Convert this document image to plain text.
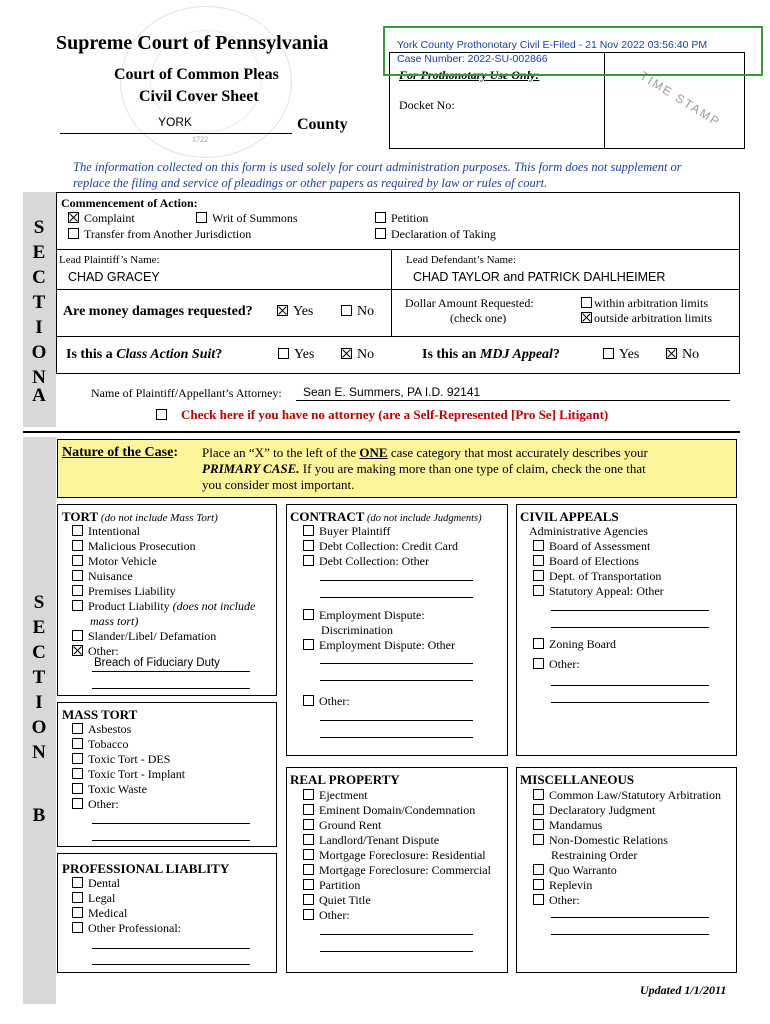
1722
Supreme Court of Pennsylvania
Court of Common Pleas
Civil Cover Sheet
YORK	County	TIME STAMP
For Prothonotary Use Only:
Docket No:
York County Prothonotary Civil E-Filed - 21 Nov 2022 03:56:40 PM
Case Number: 2022-SU-002866
The information collected on this form is used solely for court administration purposes. This form does not supplement or replace the filing and service of pleadings or other papers as required by law or rules of court.
S
E
C
T
I
O
N
A
Commencement of Action:
Complaint	Writ of Summons	Petition
Transfer from Another Jurisdiction	Declaration of Taking
Lead Plaintiff’s Name:
CHAD GRACEY
Lead Defendant’s Name:
CHAD TAYLOR and PATRICK DAHLHEIMER
Are money damages requested?	Yes	No
Dollar Amount Requested:
(check one)
within arbitration limits
outside arbitration limits
Is this a Class Action Suit?	Yes	No	Is this an MDJ Appeal?	Yes	No
Name of Plaintiff/Appellant’s Attorney: Sean E. Summers, PA I.D. 92141
Check here if you have no attorney (are a Self-Represented [Pro Se] Litigant)
S
E
C
T
I
O
N
B
Nature of the Case: Place an “X” to the left of the ONE case category that most accurately describes your
PRIMARY CASE. If you are making more than one type of claim, check the one that
you consider most important.
TORT (do not include Mass Tort)
Intentional
Malicious Prosecution
Motor Vehicle
Nuisance
Premises Liability
Product Liability (does not include
mass tort)
Slander/Libel/ Defamation
Other:
Breach of Fiduciary Duty
MASS TORT
Asbestos
Tobacco
Toxic Tort - DES
Toxic Tort - Implant
Toxic Waste
Other:
PROFESSIONAL LIABLITY
Dental
Legal
Medical
Other Professional:
CONTRACT (do not include Judgments)
Buyer Plaintiff
Debt Collection: Credit Card
Debt Collection: Other
Employment Dispute:
Discrimination
Employment Dispute: Other
Other:
REAL PROPERTY
Ejectment
Eminent Domain/Condemnation
Ground Rent
Landlord/Tenant Dispute
Mortgage Foreclosure: Residential
Mortgage Foreclosure: Commercial
Partition
Quiet Title
Other:
CIVIL APPEALS
Administrative Agencies
Board of Assessment
Board of Elections
Dept. of Transportation
Statutory Appeal: Other
Zoning Board
Other:
MISCELLANEOUS
Common Law/Statutory Arbitration
Declaratory Judgment
Mandamus
Non-Domestic Relations
Restraining Order
Quo Warranto
Replevin
Other:
Updated 1/1/2011
